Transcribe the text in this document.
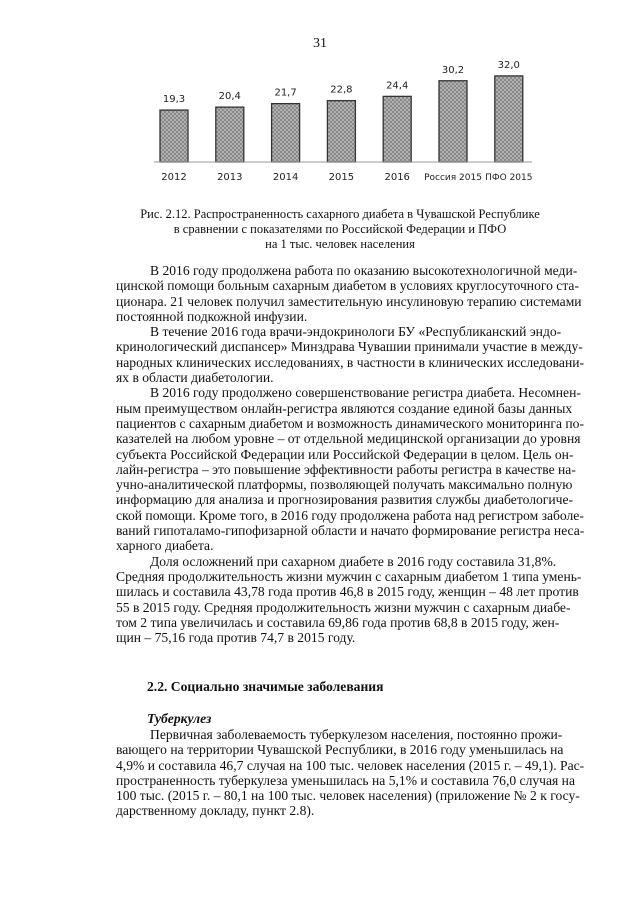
31
19,3
2012
20,4
2013
21,7
2014
22,8
2015
24,4
2016
30,2
Россия 2015
32,0
ПФО 2015
Рис. 2.12. Распространенность сахарного диабета в Чувашской Республике
в сравнении с показателями по Российской Федерации и ПФО
на 1 тыс. человек населения
В 2016 году продолжена работа по оказанию высокотехнологичной меди-
цинской помощи больным сахарным диабетом в условиях круглосуточного ста-
ционара. 21 человек получил заместительную инсулиновую терапию системами
постоянной подкожной инфузии.
В течение 2016 года врачи-эндокринологи БУ «Республиканский эндо-
кринологический диспансер» Минздрава Чувашии принимали участие в между-
народных клинических исследованиях, в частности в клинических исследовани-
ях в области диабетологии.
В 2016 году продолжено совершенствование регистра диабета. Несомнен-
ным преимуществом онлайн-регистра являются создание единой базы данных
пациентов с сахарным диабетом и возможность динамического мониторинга по-
казателей на любом уровне – от отдельной медицинской организации до уровня
субъекта Российской Федерации или Российской Федерации в целом. Цель он-
лайн-регистра – это повышение эффективности работы регистра в качестве на-
учно-аналитической платформы, позволяющей получать максимально полную
информацию для анализа и прогнозирования развития службы диабетологиче-
ской помощи. Кроме того, в 2016 году продолжена работа над регистром заболе-
ваний гипоталамо-гипофизарной области и начато формирование регистра неса-
харного диабета.
Доля осложнений при сахарном диабете в 2016 году составила 31,8%.
Средняя продолжительность жизни мужчин с сахарным диабетом 1 типа умень-
шилась и составила 43,78 года против 46,8 в 2015 году, женщин – 48 лет против
55 в 2015 году. Средняя продолжительность жизни мужчин с сахарным диабе-
том 2 типа увеличилась и составила 69,86 года против 68,8 в 2015 году, жен-
щин – 75,16 года против 74,7 в 2015 году.
2.2. Социально значимые заболевания
Туберкулез
Первичная заболеваемость туберкулезом населения, постоянно прожи-
вающего на территории Чувашской Республики, в 2016 году уменьшилась на
4,9% и составила 46,7 случая на 100 тыс. человек населения (2015 г. – 49,1). Рас-
пространенность туберкулеза уменьшилась на 5,1% и составила 76,0 случая на
100 тыс. (2015 г. – 80,1 на 100 тыс. человек населения) (приложение № 2 к госу-
дарственному докладу, пункт 2.8).
